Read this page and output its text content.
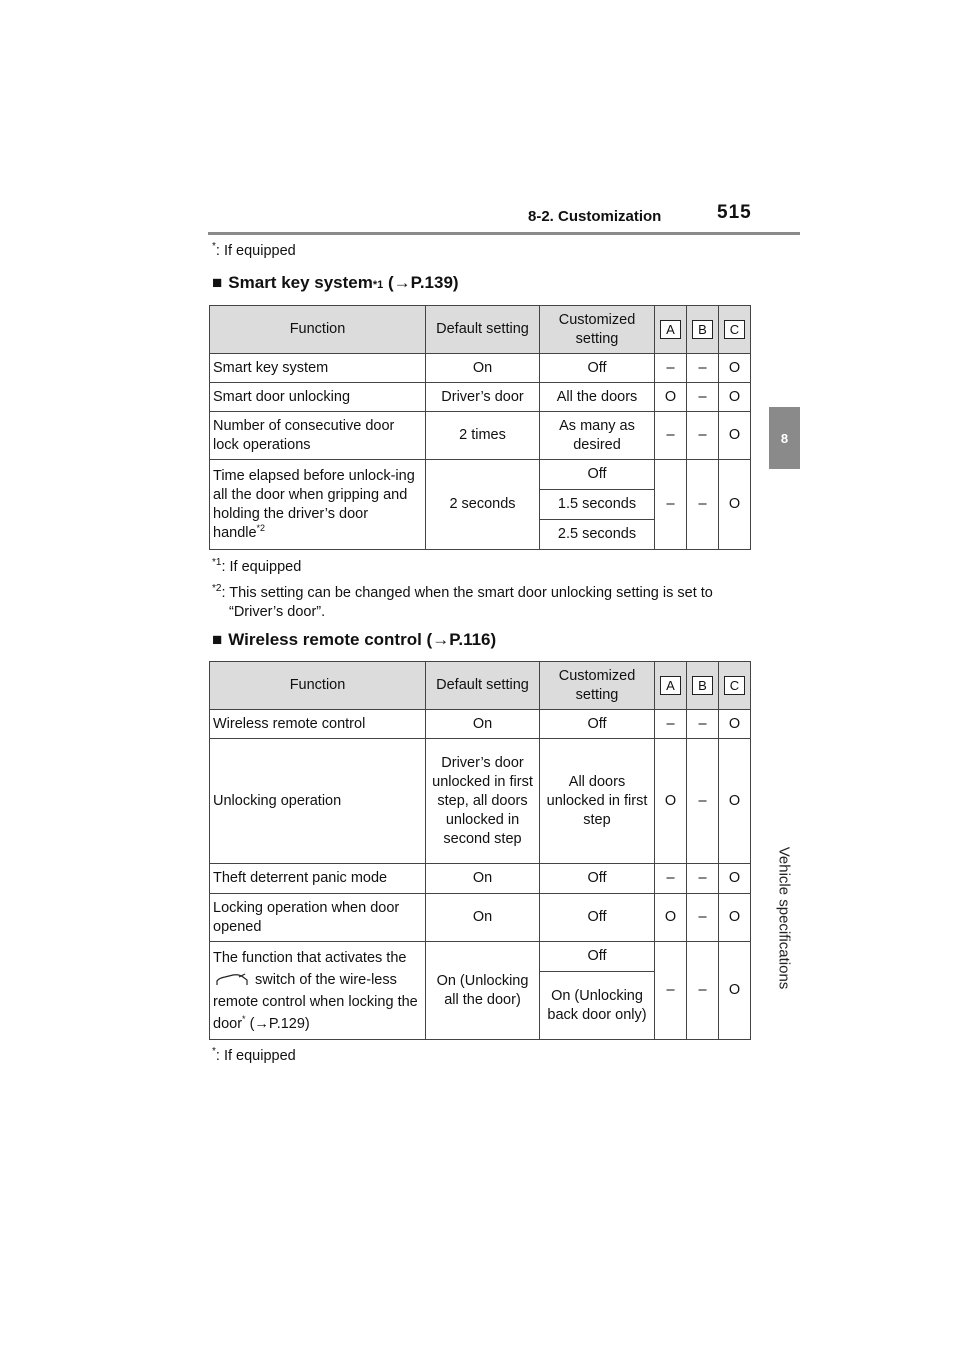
8-2. Customization	515
8
Vehicle specifications
*: If equipped
■ Smart key system *1
(→P.139)
Function	Default setting	Customized setting	A	B	C
Smart key system	On	Off	–	–	O
Smart door unlocking	Driver’s door	All the doors	O	–	O
Number of consecutive door lock operations	2 times	As many as desired	–	–	O
Time elapsed before unlock-ing all the door when gripping and holding the driver’s door handle$^{*2}$	2 seconds	Off	–	–	O
		1.5 seconds			
		2.5 seconds			
$^{*1}$: If equipped
$^{*2}$: This setting can be changed when the smart door unlocking setting is set to “Driver’s door”.
■ Wireless remote control
(→P.116)
Function	Default setting	Customized setting	A	B	C
Wireless remote control	On	Off	–	–	O
Unlocking operation	Driver’s door unlocked in first step, all doors unlocked in second step	All doors unlocked in first step	O	–	O
Theft deterrent panic mode	On	Off	–	–	O
Locking operation when door opened	On	Off	O	–	O
The function that activates the  switch of the wire-less remote control when locking the door* (→P.129)	On (Unlocking all the door)	Off	–	–	O
		On (Unlocking back door only)			
*: If equipped
